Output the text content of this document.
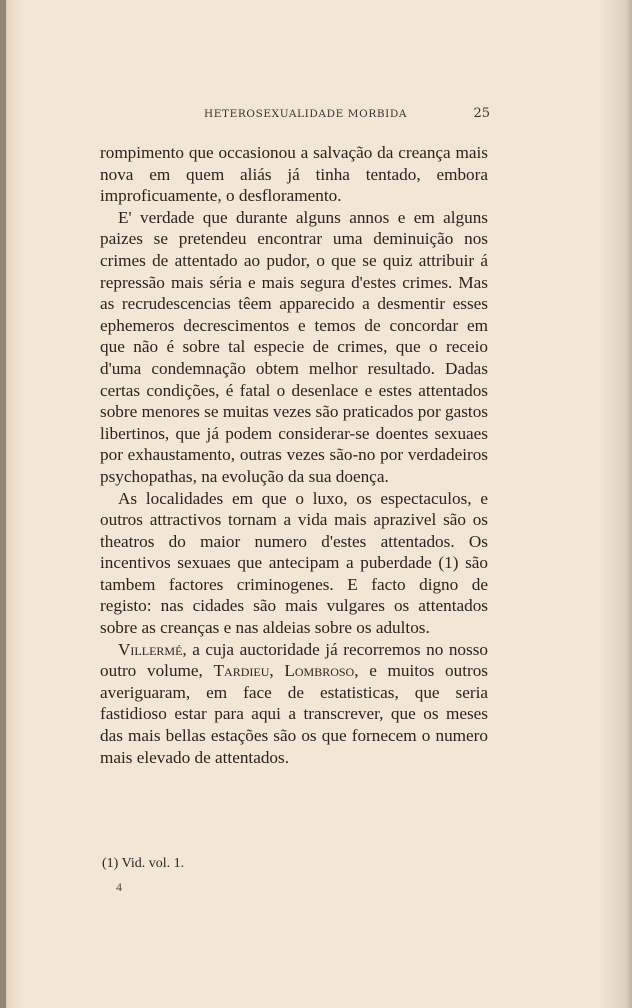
HETEROSEXUALIDADE MORBIDA	25

rompimento que occasionou a salvação da creança mais nova em quem aliás já tinha tentado, embora improficuamente, o desfloramento.

E' verdade que durante alguns annos e em alguns paizes se pretendeu encontrar uma deminuição nos crimes de attentado ao pudor, o que se quiz attribuir á repressão mais séria e mais segura d'estes crimes. Mas as recrudescencias têem apparecido a desmentir esses ephemeros decrescimentos e temos de concordar em que não é sobre tal especie de crimes, que o receio d'uma condemnação obtem melhor resultado. Dadas certas condições, é fatal o desenlace e estes attentados sobre menores se muitas vezes são praticados por gastos libertinos, que já podem considerar-se doentes sexuaes por exhaustamento, outras vezes são-no por verdadeiros psychopathas, na evolução da sua doença.

As localidades em que o luxo, os espectaculos, e outros attractivos tornam a vida mais aprazivel são os theatros do maior numero d'estes attentados. Os incentivos sexuaes que antecipam a puberdade (1) são tambem factores criminogenes. E facto digno de registo: nas cidades são mais vulgares os attentados sobre as creanças e nas aldeias sobre os adultos.

Villermé, a cuja auctoridade já recorremos no nosso outro volume, Tardieu, Lombroso, e muitos outros averiguaram, em face de estatisticas, que seria fastidioso estar para aqui a transcrever, que os meses das mais bellas estações são os que fornecem o numero mais elevado de attentados.

(1) Vid. vol. 1.
4
